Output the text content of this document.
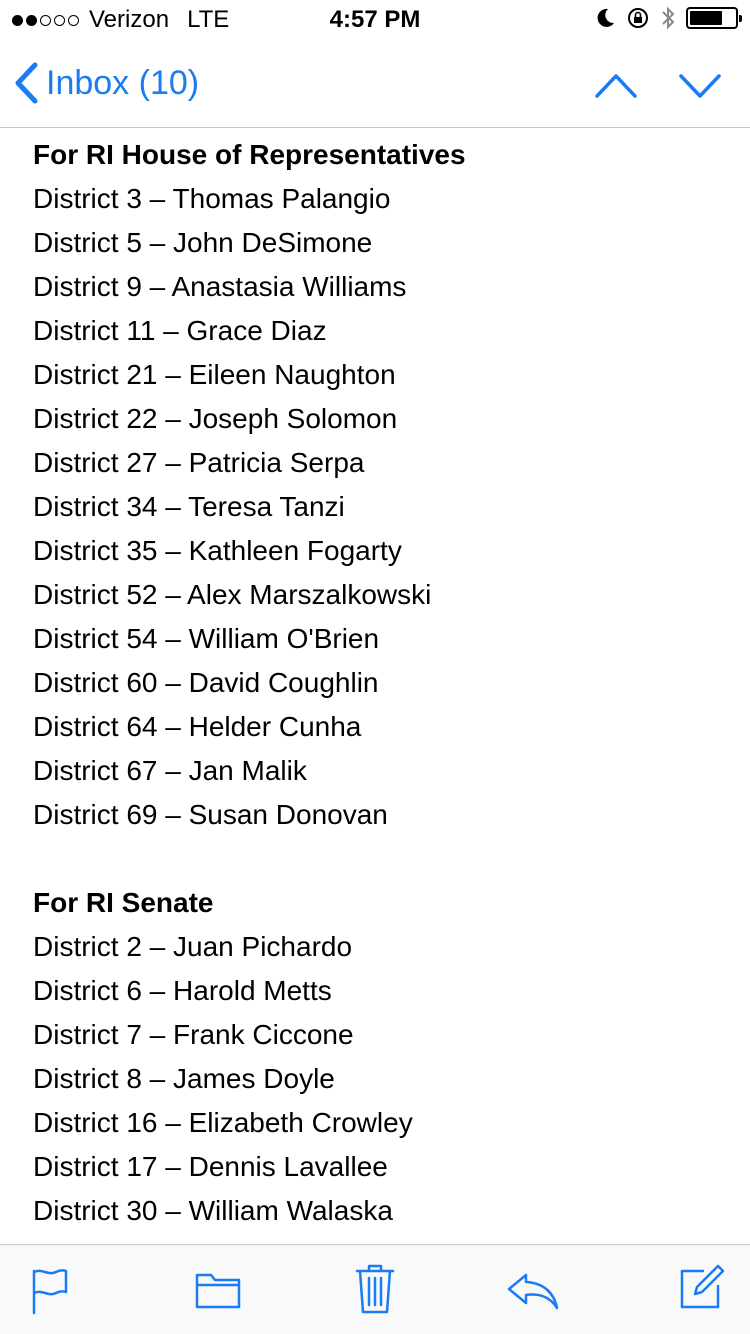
Verizon LTE	4:57 PM
Inbox (10)
For RI House of Representatives
District 3 – Thomas Palangio
District 5 – John DeSimone
District 9 – Anastasia Williams
District 11 – Grace Diaz
District 21 – Eileen Naughton
District 22 – Joseph Solomon
District 27 – Patricia Serpa
District 34 – Teresa Tanzi
District 35 – Kathleen Fogarty
District 52 – Alex Marszalkowski
District 54 – William O'Brien
District 60 – David Coughlin
District 64 – Helder Cunha
District 67 – Jan Malik
District 69 – Susan Donovan
For RI Senate
District 2 – Juan Pichardo
District 6 – Harold Metts
District 7 – Frank Ciccone
District 8 – James Doyle
District 16 – Elizabeth Crowley
District 17 – Dennis Lavallee
District 30 – William Walaska
